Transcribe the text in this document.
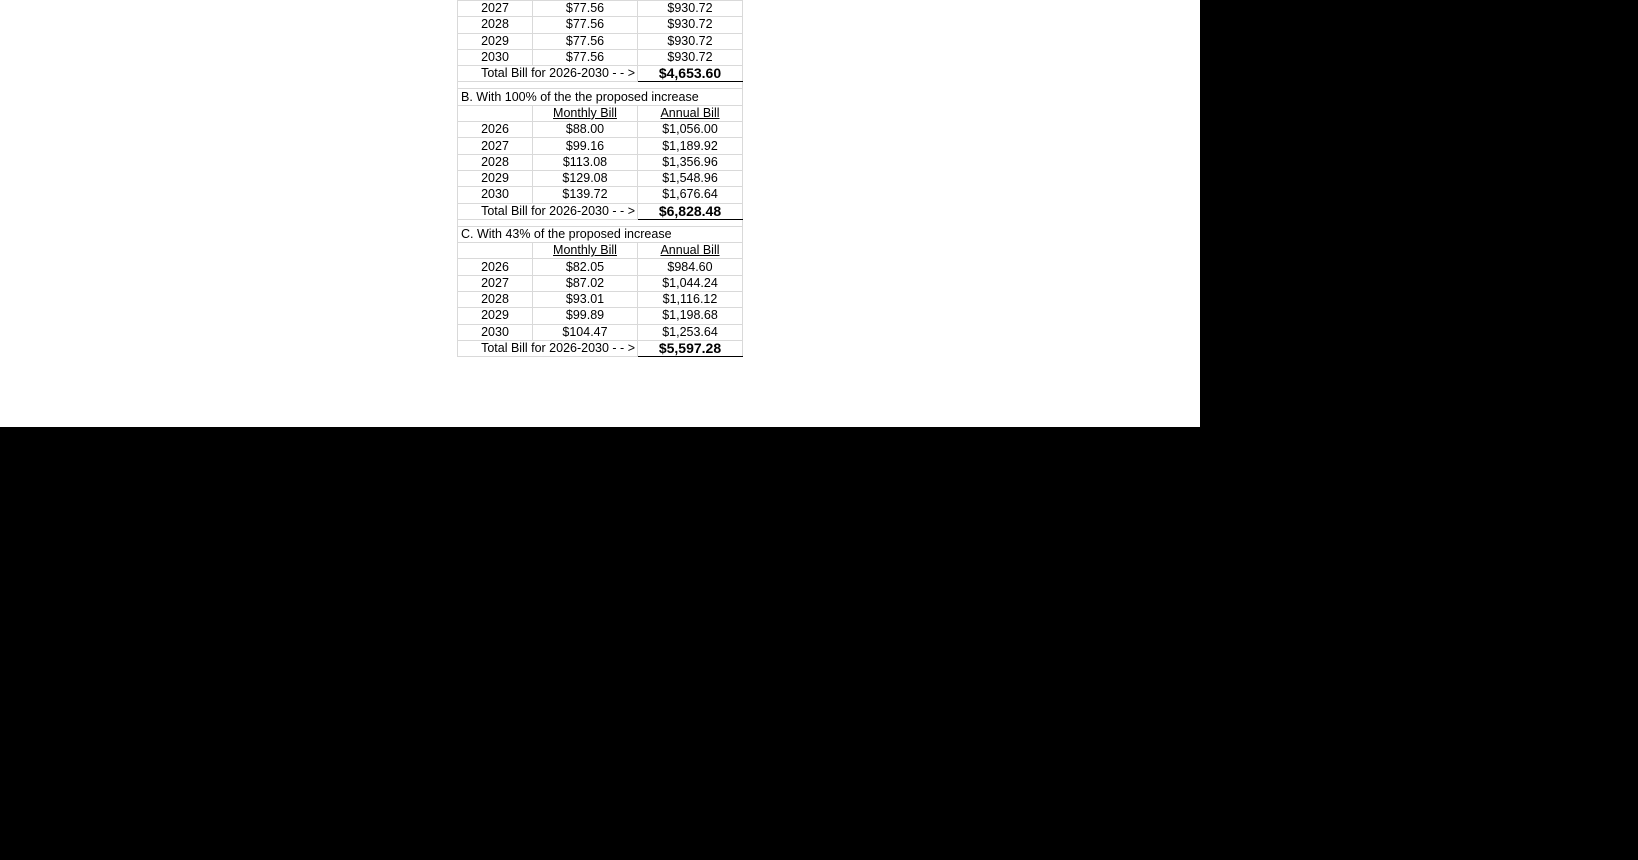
2027	$77.56	$930.72
2028	$77.56	$930.72
2029	$77.56	$930.72
2030	$77.56	$930.72
Total Bill for 2026-2030 - - >		$4,653.60

B. With 100% of the the proposed increase		
	Monthly Bill	Annual Bill
2026	$88.00	$1,056.00
2027	$99.16	$1,189.92
2028	$113.08	$1,356.96
2029	$129.08	$1,548.96
2030	$139.72	$1,676.64
Total Bill for 2026-2030 - - >		$6,828.48

C. With 43% of the proposed increase		
	Monthly Bill	Annual Bill
2026	$82.05	$984.60
2027	$87.02	$1,044.24
2028	$93.01	$1,116.12
2029	$99.89	$1,198.68
2030	$104.47	$1,253.64
Total Bill for 2026-2030 - - >		$5,597.28
